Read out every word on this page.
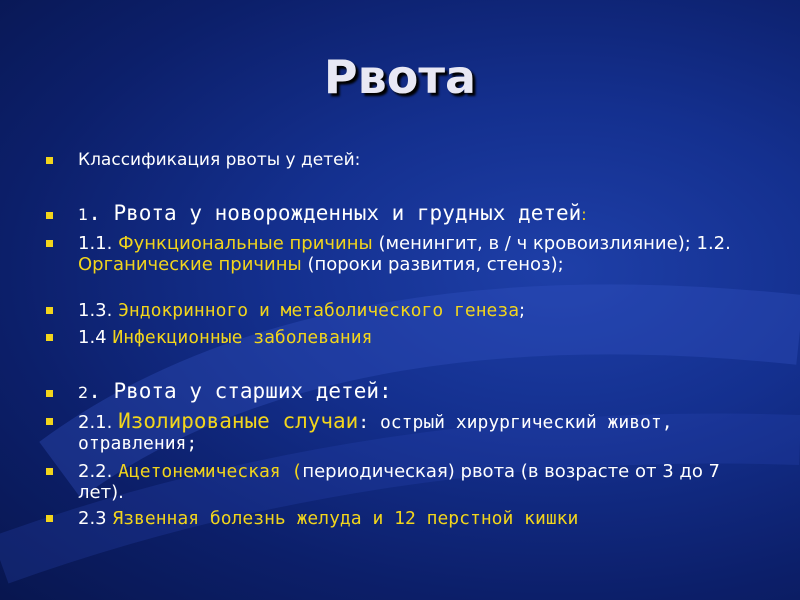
Рвота
Классификация рвоты у детей:
1. Рвота у новорожденных и грудных детей:
1.1. Функциональные причины (менингит, в / ч кровоизлияние); 1.2. Органические причины (пороки развития, стеноз);
1.3. Эндокринного и метаболического генеза;
1.4 Инфекционные заболевания
2. Рвота у старших детей:
2.1. Изолированые случаи: острый хирургический живот, отравления;
2.2. Ацетонемическая (периодическая) рвота (в возрасте от 3 до 7 лет).
2.3 Язвенная болезнь желуда и 12 перстной кишки
